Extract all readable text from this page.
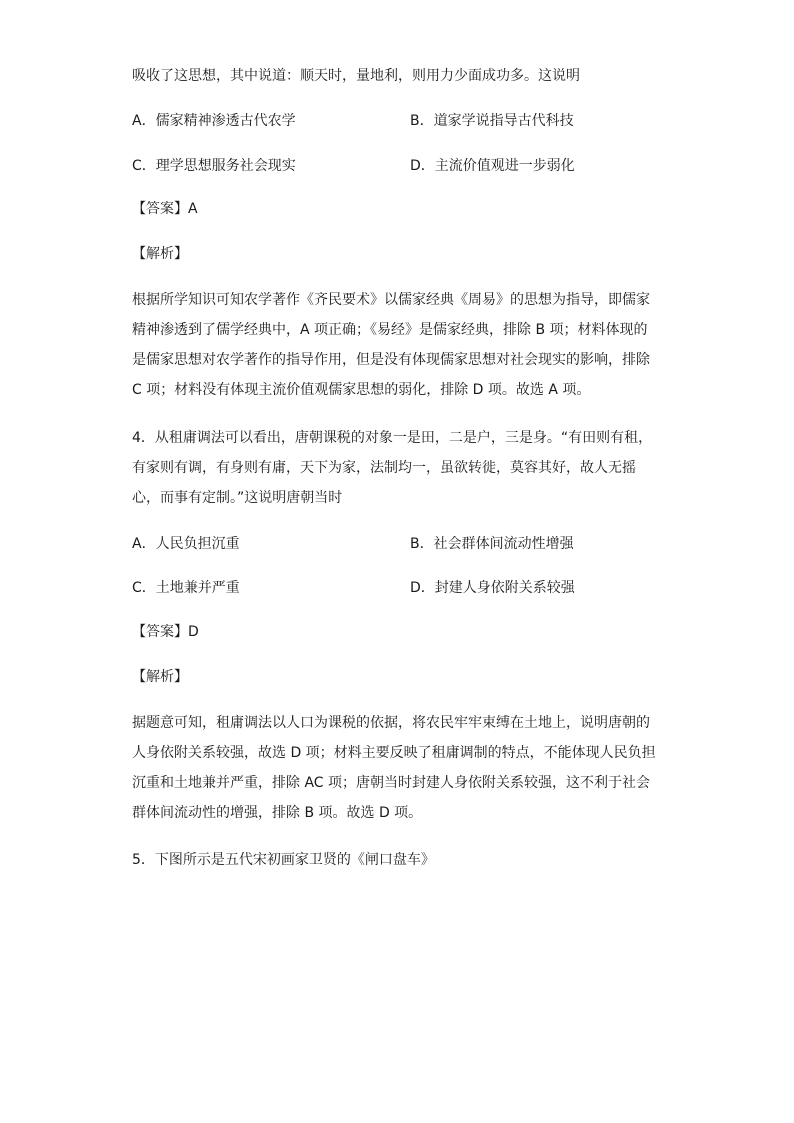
吸收了这思想，其中说道：顺天时，量地利，则用力少面成功多。这说明
A．儒家精神渗透古代农学	B．道家学说指导古代科技
C．理学思想服务社会现实	D．主流价值观进一步弱化
【答案】A
【解析】
根据所学知识可知农学著作《齐民要术》以儒家经典《周易》的思想为指导，即儒家
精神渗透到了儒学经典中，A 项正确；《易经》是儒家经典，排除 B 项；材料体现的
是儒家思想对农学著作的指导作用，但是没有体现儒家思想对社会现实的影响，排除
C 项；材料没有体现主流价值观儒家思想的弱化，排除 D 项。故选 A 项。
4．从租庸调法可以看出，唐朝课税的对象一是田，二是户，三是身。“有田则有租，
有家则有调，有身则有庸，天下为家，法制均一，虽欲转徙，莫容其好，故人无摇
心，而事有定制。”这说明唐朝当时
A．人民负担沉重	B．社会群体间流动性增强
C．土地兼并严重	D．封建人身依附关系较强
【答案】D
【解析】
据题意可知，租庸调法以人口为课税的依据，将农民牢牢束缚在土地上，说明唐朝的
人身依附关系较强，故选 D 项；材料主要反映了租庸调制的特点，不能体现人民负担
沉重和土地兼并严重，排除 AC 项；唐朝当时封建人身依附关系较强，这不利于社会
群体间流动性的增强，排除 B 项。故选 D 项。
5．下图所示是五代宋初画家卫贤的《闸口盘车》
